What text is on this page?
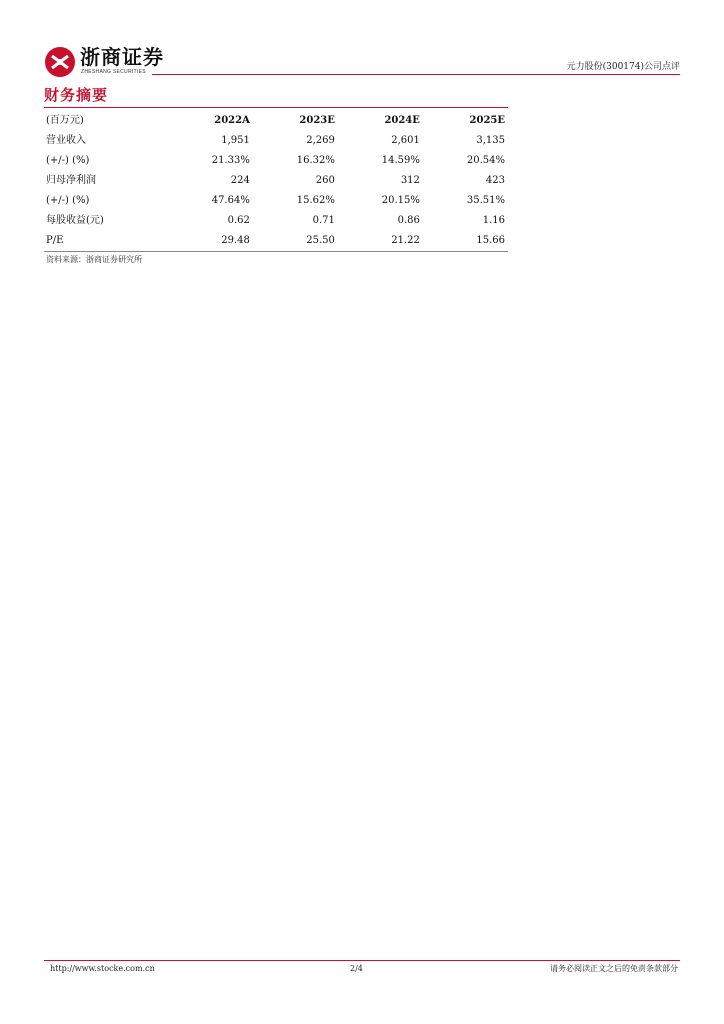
浙商证券
ZHESHANG SECURITIES	元力股份(300174)公司点评
财务摘要
(百万元)	2022A	2023E	2024E	2025E
营业收入	1,951	2,269	2,601	3,135
(+/-) (%)	21.33%	16.32%	14.59%	20.54%
归母净利润	224	260	312	423
(+/-) (%)	47.64%	15.62%	20.15%	35.51%
每股收益(元)	0.62	0.71	0.86	1.16
P/E	29.48	25.50	21.22	15.66
资料来源：浙商证券研究所
http://www.stocke.com.cn	2/4	请务必阅读正文之后的免责条款部分
